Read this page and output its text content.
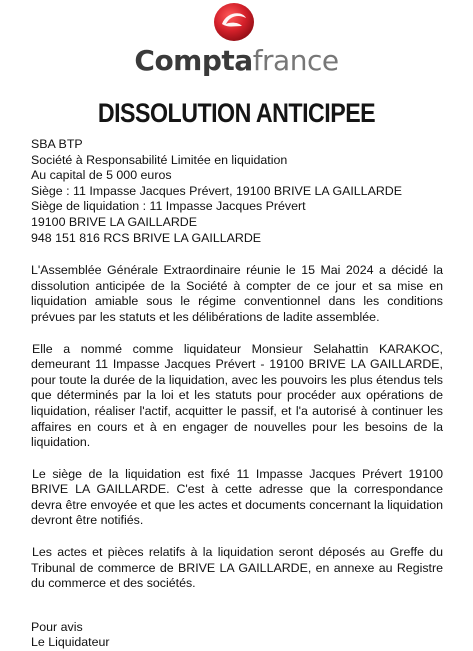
Comptafrance
DISSOLUTION ANTICIPEE
SBA BTP
Société à Responsabilité Limitée en liquidation
Au capital de 5 000 euros
Siège : 11 Impasse Jacques Prévert, 19100 BRIVE LA GAILLARDE
Siège de liquidation : 11 Impasse Jacques Prévert
19100 BRIVE LA GAILLARDE
948 151 816 RCS BRIVE LA GAILLARDE

L'Assemblée Générale Extraordinaire réunie le 15 Mai 2024 a décidé la dissolution anticipée de la Société à compter de ce jour et sa mise en liquidation amiable sous le régime conventionnel dans les conditions prévues par les statuts et les délibérations de ladite assemblée.

Elle a nommé comme liquidateur Monsieur Selahattin KARAKOC, demeurant 11 Impasse Jacques Prévert - 19100 BRIVE LA GAILLARDE, pour toute la durée de la liquidation, avec les pouvoirs les plus étendus tels que déterminés par la loi et les statuts pour procéder aux opérations de liquidation, réaliser l'actif, acquitter le passif, et l'a autorisé à continuer les affaires en cours et à en engager de nouvelles pour les besoins de la liquidation.

Le siège de la liquidation est fixé 11 Impasse Jacques Prévert 19100 BRIVE LA GAILLARDE. C'est à cette adresse que la correspondance devra être envoyée et que les actes et documents concernant la liquidation devront être notifiés.

Les actes et pièces relatifs à la liquidation seront déposés au Greffe du Tribunal de commerce de BRIVE LA GAILLARDE, en annexe au Registre du commerce et des sociétés.

Pour avis
Le Liquidateur
